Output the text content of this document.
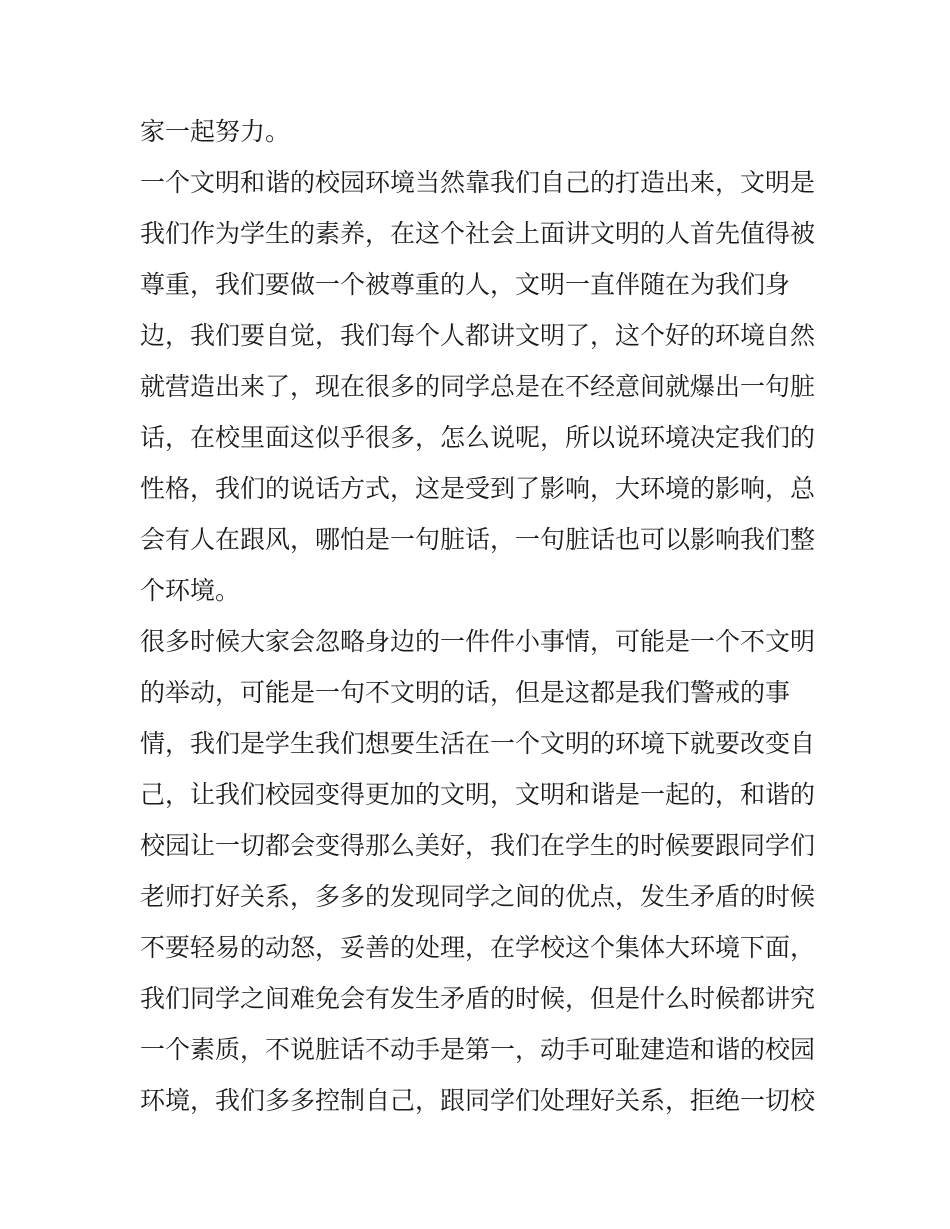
家一起努力。
一个文明和谐的校园环境当然靠我们自己的打造出来，文明是
我们作为学生的素养，在这个社会上面讲文明的人首先值得被
尊重，我们要做一个被尊重的人，文明一直伴随在为我们身
边，我们要自觉，我们每个人都讲文明了，这个好的环境自然
就营造出来了，现在很多的同学总是在不经意间就爆出一句脏
话，在校里面这似乎很多，怎么说呢，所以说环境决定我们的
性格，我们的说话方式，这是受到了影响，大环境的影响，总
会有人在跟风，哪怕是一句脏话，一句脏话也可以影响我们整
个环境。
很多时候大家会忽略身边的一件件小事情，可能是一个不文明
的举动，可能是一句不文明的话，但是这都是我们警戒的事
情，我们是学生我们想要生活在一个文明的环境下就要改变自
己，让我们校园变得更加的文明，文明和谐是一起的，和谐的
校园让一切都会变得那么美好，我们在学生的时候要跟同学们
老师打好关系，多多的发现同学之间的优点，发生矛盾的时候
不要轻易的动怒，妥善的处理，在学校这个集体大环境下面，
我们同学之间难免会有发生矛盾的时候，但是什么时候都讲究
一个素质，不说脏话不动手是第一，动手可耻建造和谐的校园
环境，我们多多控制自己，跟同学们处理好关系，拒绝一切校
